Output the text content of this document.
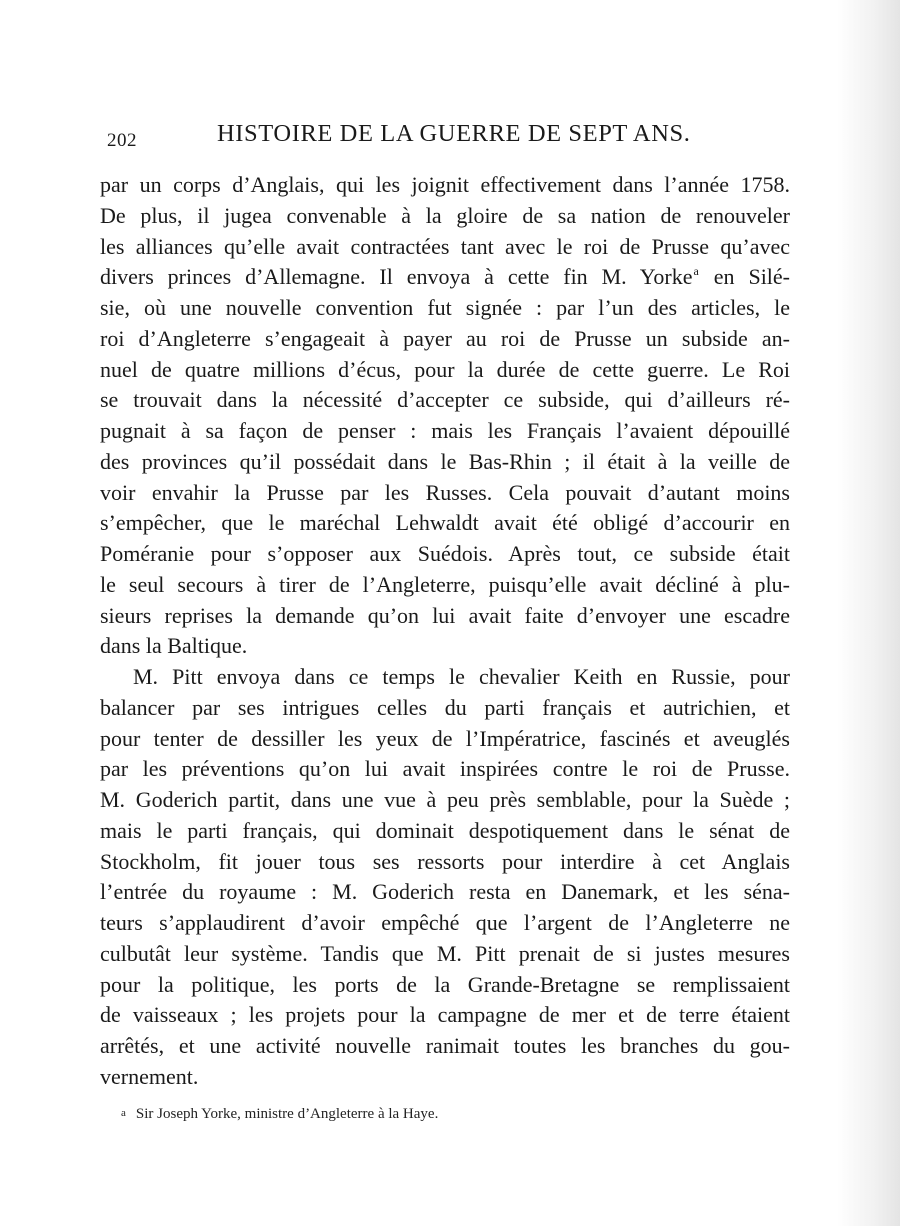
202	HISTOIRE DE LA GUERRE DE SEPT ANS.
par un corps d’Anglais, qui les joignit effectivement dans l’année 1758.
De plus, il jugea convenable à la gloire de sa nation de renouveler
les alliances qu’elle avait contractées tant avec le roi de Prusse qu’avec
divers princes d’Allemagne. Il envoya à cette fin M. Yorke$^a$ en Silé-
sie, où une nouvelle convention fut signée : par l’un des articles, le
roi d’Angleterre s’engageait à payer au roi de Prusse un subside an-
nuel de quatre millions d’écus, pour la durée de cette guerre. Le Roi
se trouvait dans la nécessité d’accepter ce subside, qui d’ailleurs ré-
pugnait à sa façon de penser : mais les Français l’avaient dépouillé
des provinces qu’il possédait dans le Bas-Rhin ; il était à la veille de
voir envahir la Prusse par les Russes. Cela pouvait d’autant moins
s’empêcher, que le maréchal Lehwaldt avait été obligé d’accourir en
Poméranie pour s’opposer aux Suédois. Après tout, ce subside était
le seul secours à tirer de l’Angleterre, puisqu’elle avait décliné à plu-
sieurs reprises la demande qu’on lui avait faite d’envoyer une escadre
dans la Baltique.
M. Pitt envoya dans ce temps le chevalier Keith en Russie, pour
balancer par ses intrigues celles du parti français et autrichien, et
pour tenter de dessiller les yeux de l’Impératrice, fascinés et aveuglés
par les préventions qu’on lui avait inspirées contre le roi de Prusse.
M. Goderich partit, dans une vue à peu près semblable, pour la Suède ;
mais le parti français, qui dominait despotiquement dans le sénat de
Stockholm, fit jouer tous ses ressorts pour interdire à cet Anglais
l’entrée du royaume : M. Goderich resta en Danemark, et les séna-
teurs s’applaudirent d’avoir empêché que l’argent de l’Angleterre ne
culbutât leur système. Tandis que M. Pitt prenait de si justes mesures
pour la politique, les ports de la Grande-Bretagne se remplissaient
de vaisseaux ; les projets pour la campagne de mer et de terre étaient
arrêtés, et une activité nouvelle ranimait toutes les branches du gou-
vernement.
a Sir Joseph Yorke, ministre d’Angleterre à la Haye.
